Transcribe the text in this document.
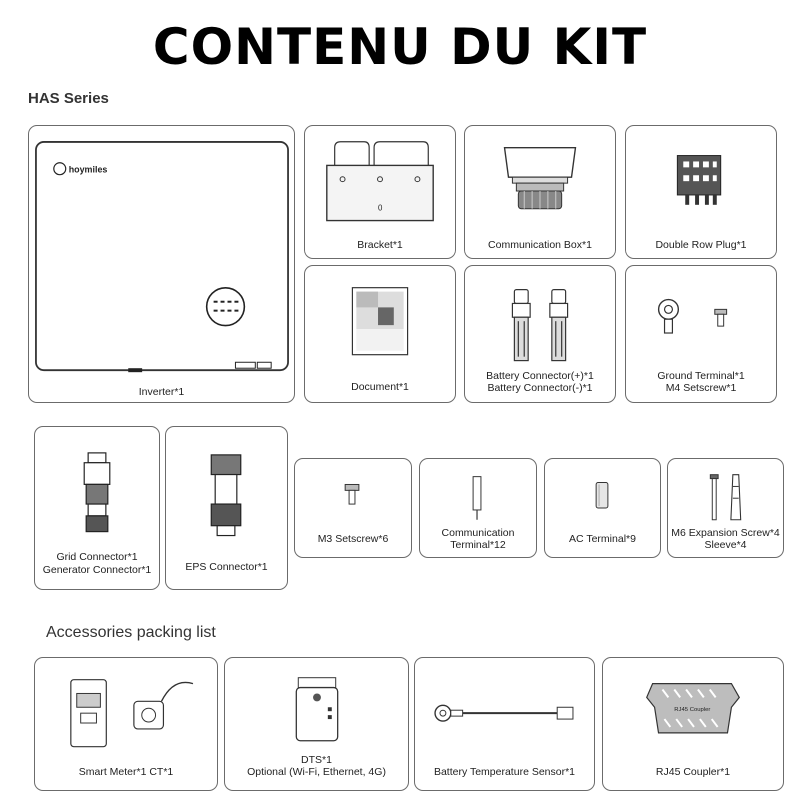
CONTENU DU KIT
HAS Series
hoymiles
Inverter*1
0
Bracket*1	Communication Box*1	Double Row Plug*1
Document*1
Battery Connector(+)*1
Battery Connector(-)*1
Ground Terminal*1
M4 Setscrew*1
Grid Connector*1
Generator Connector*1	EPS Connector*1
M3 Setscrew*6	Communication
Terminal*12	AC Terminal*9	M6 Expansion Screw*4
Sleeve*4
Accessories packing list
Smart Meter*1 CT*1
DTS*1
Optional (Wi-Fi, Ethernet, 4G)	Battery Temperature Sensor*1
RJ45 Coupler
RJ45 Coupler*1
